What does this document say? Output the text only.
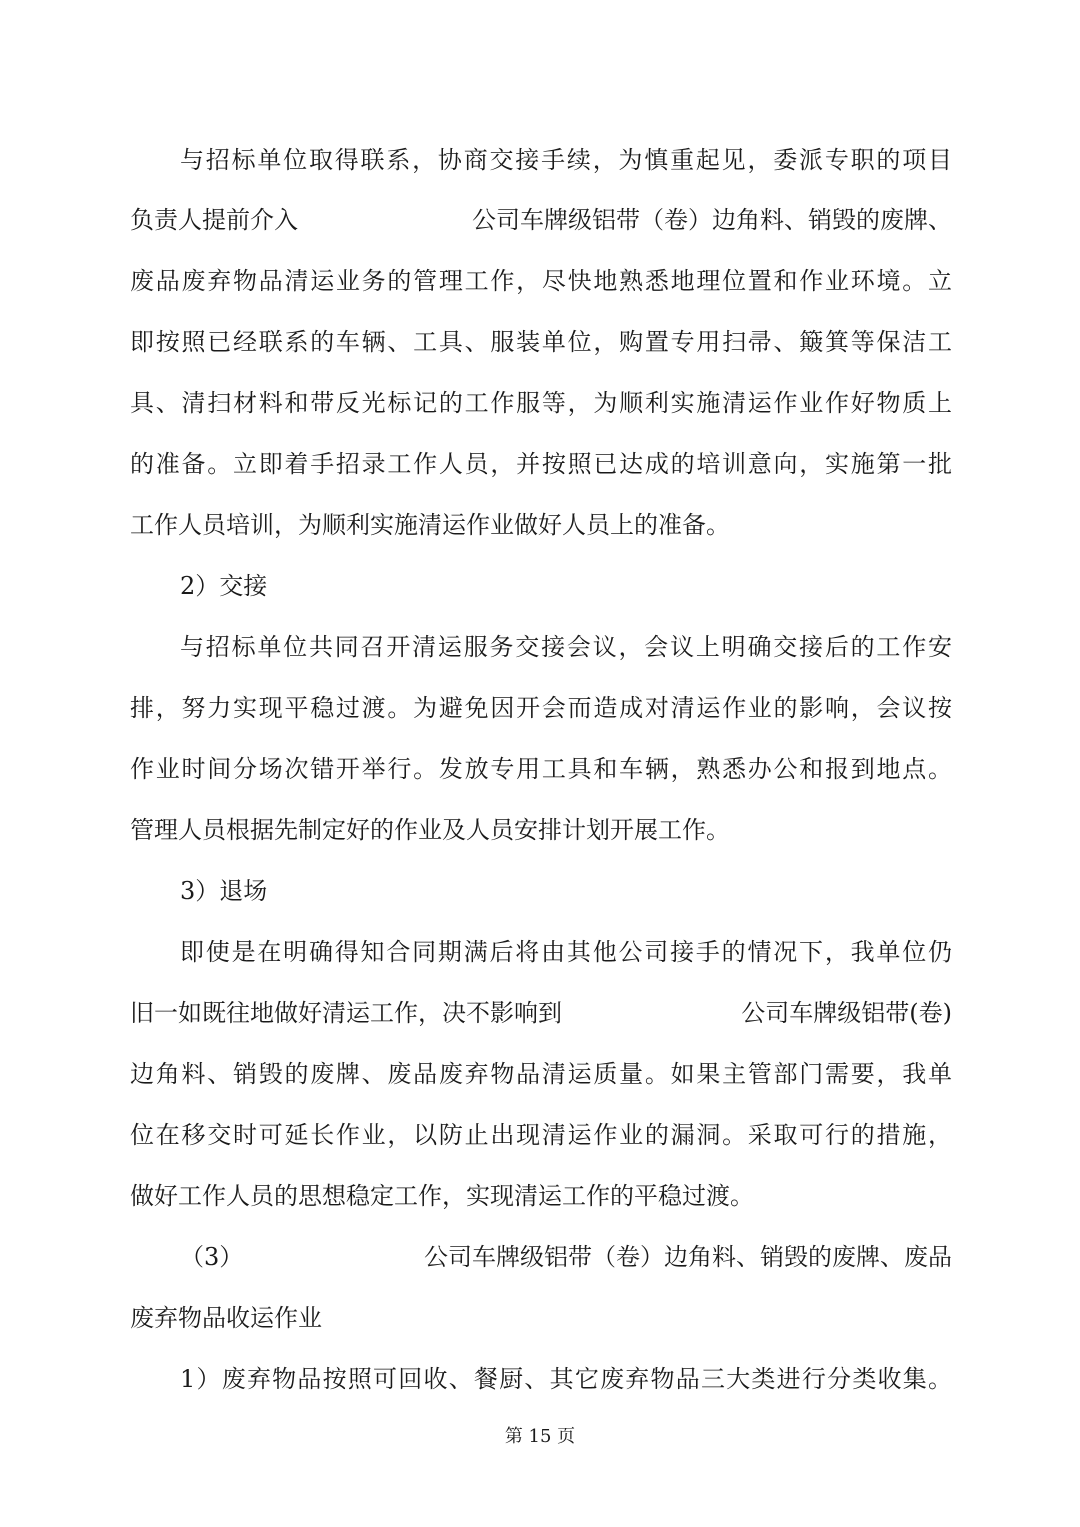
与招标单位取得联系，协商交接手续，为慎重起见，委派专职的项目
负责人提前介入	公司车牌级铝带（卷）边角料、销毁的废牌、
废品废弃物品清运业务的管理工作，尽快地熟悉地理位置和作业环境。立
即按照已经联系的车辆、工具、服装单位，购置专用扫帚、簸箕等保洁工
具、清扫材料和带反光标记的工作服等，为顺利实施清运作业作好物质上
的准备。立即着手招录工作人员，并按照已达成的培训意向，实施第一批
工作人员培训，为顺利实施清运作业做好人员上的准备。
2）交接
与招标单位共同召开清运服务交接会议，会议上明确交接后的工作安
排，努力实现平稳过渡。为避免因开会而造成对清运作业的影响，会议按
作业时间分场次错开举行。发放专用工具和车辆，熟悉办公和报到地点。
管理人员根据先制定好的作业及人员安排计划开展工作。
3）退场
即使是在明确得知合同期满后将由其他公司接手的情况下，我单位仍
旧一如既往地做好清运工作，决不影响到	公司车牌级铝带(卷)
边角料、销毁的废牌、废品废弃物品清运质量。如果主管部门需要，我单
位在移交时可延长作业，以防止出现清运作业的漏洞。采取可行的措施，
做好工作人员的思想稳定工作，实现清运工作的平稳过渡。
（3）	公司车牌级铝带（卷）边角料、销毁的废牌、废品
废弃物品收运作业
1）废弃物品按照可回收、餐厨、其它废弃物品三大类进行分类收集。
第 15 页
